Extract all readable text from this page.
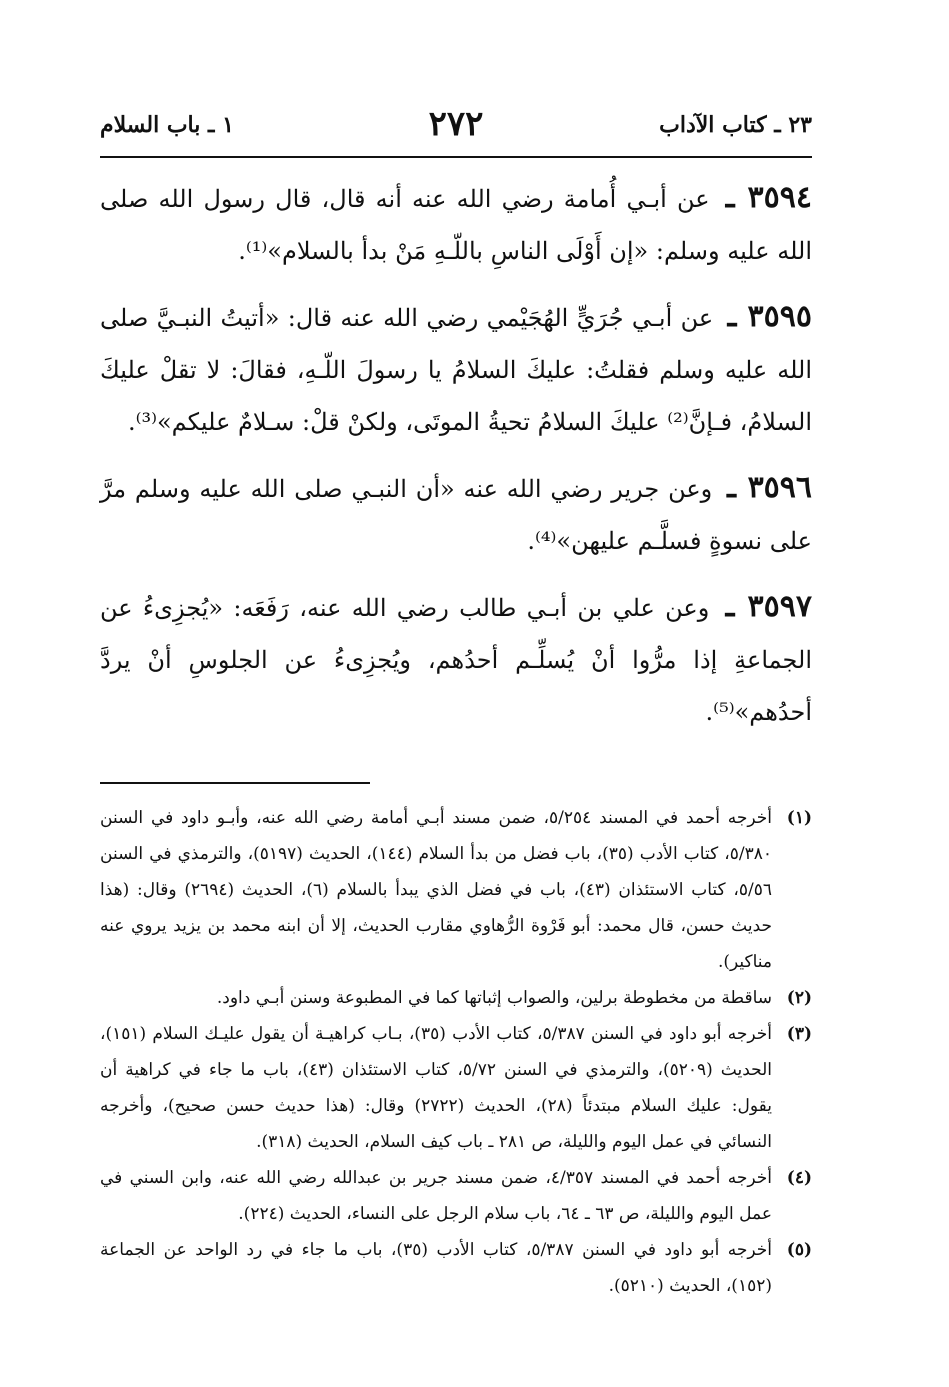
٢٣ ـ كتاب الآداب
٢٧٢
١ ـ باب السلام

٣٥٩٤ ـ عن أبـي أُمامة رضي الله عنه أنه قال، قال رسول الله صلى الله عليه وسلم: «إن أَوْلَى الناسِ باللّـهِ مَنْ بدأ بالسلام»⁽¹⁾.

٣٥٩٥ ـ عن أبـي جُرَيٍّ الهُجَيْمي رضي الله عنه قال: «أتيتُ النبـيَّ صلى الله عليه وسلم فقلتُ: عليكَ السلامُ يا رسولَ اللّـهِ، فقالَ: لا تقلْ عليكَ السلامُ، فـإنَّ⁽²⁾ عليكَ السلامُ تحيةُ الموتَى، ولكنْ قلْ: سـلامٌ عليكم»⁽³⁾.

٣٥٩٦ ـ وعن جرير رضي الله عنه «أن النبـي صلى الله عليه وسلم مرَّ على نسوةٍ فسلَّـم عليهن»⁽⁴⁾.

٣٥٩٧ ـ وعن علي بن أبـي طالب رضي الله عنه، رَفَعَه: «يُجزِىءُ عن الجماعةِ إذا مرُّوا أنْ يُسلِّـم أحدُهم، ويُجزِىءُ عن الجلوسِ أنْ يردَّ أحدُهم»⁽⁵⁾.

(١)
أخرجه أحمد في المسند ٥/٢٥٤، ضمن مسند أبـي أمامة رضي الله عنه، وأبـو داود في السنن ٥/٣٨٠، كتاب الأدب (٣٥)، باب فضل من بدأ السلام (١٤٤)، الحديث (٥١٩٧)، والترمذي في السنن ٥/٥٦، كتاب الاستئذان (٤٣)، باب في فضل الذي يبدأ بالسلام (٦)، الحديث (٢٦٩٤) وقال: (هذا حديث حسن، قال محمد: أبو فَرْوة الرُّهاوي مقارب الحديث، إلا أن ابنه محمد بن يزيد يروي عنه مناكير).
(٢)
ساقطة من مخطوطة برلين، والصواب إثباتها كما في المطبوعة وسنن أبـي داود.
(٣)
أخرجه أبو داود في السنن ٥/٣٨٧، كتاب الأدب (٣٥)، بـاب كراهيـة أن يقول عليـك السلام (١٥١)، الحديث (٥٢٠٩)، والترمذي في السنن ٥/٧٢، كتاب الاستئذان (٤٣)، باب ما جاء في كراهية أن يقول: عليك السلام مبتدئاً (٢٨)، الحديث (٢٧٢٢) وقال: (هذا حديث حسن صحيح)، وأخرجه النسائي في عمل اليوم والليلة، ص ٢٨١ ـ باب كيف السلام، الحديث (٣١٨).
(٤)
أخرجه أحمد في المسند ٤/٣٥٧، ضمن مسند جرير بن عبدالله رضي الله عنه، وابن السني في عمل اليوم والليلة، ص ٦٣ ـ ٦٤، باب سلام الرجل على النساء، الحديث (٢٢٤).
(٥)
أخرجه أبو داود في السنن ٥/٣٨٧، كتاب الأدب (٣٥)، باب ما جاء في رد الواحد عن الجماعة (١٥٢)، الحديث (٥٢١٠).
